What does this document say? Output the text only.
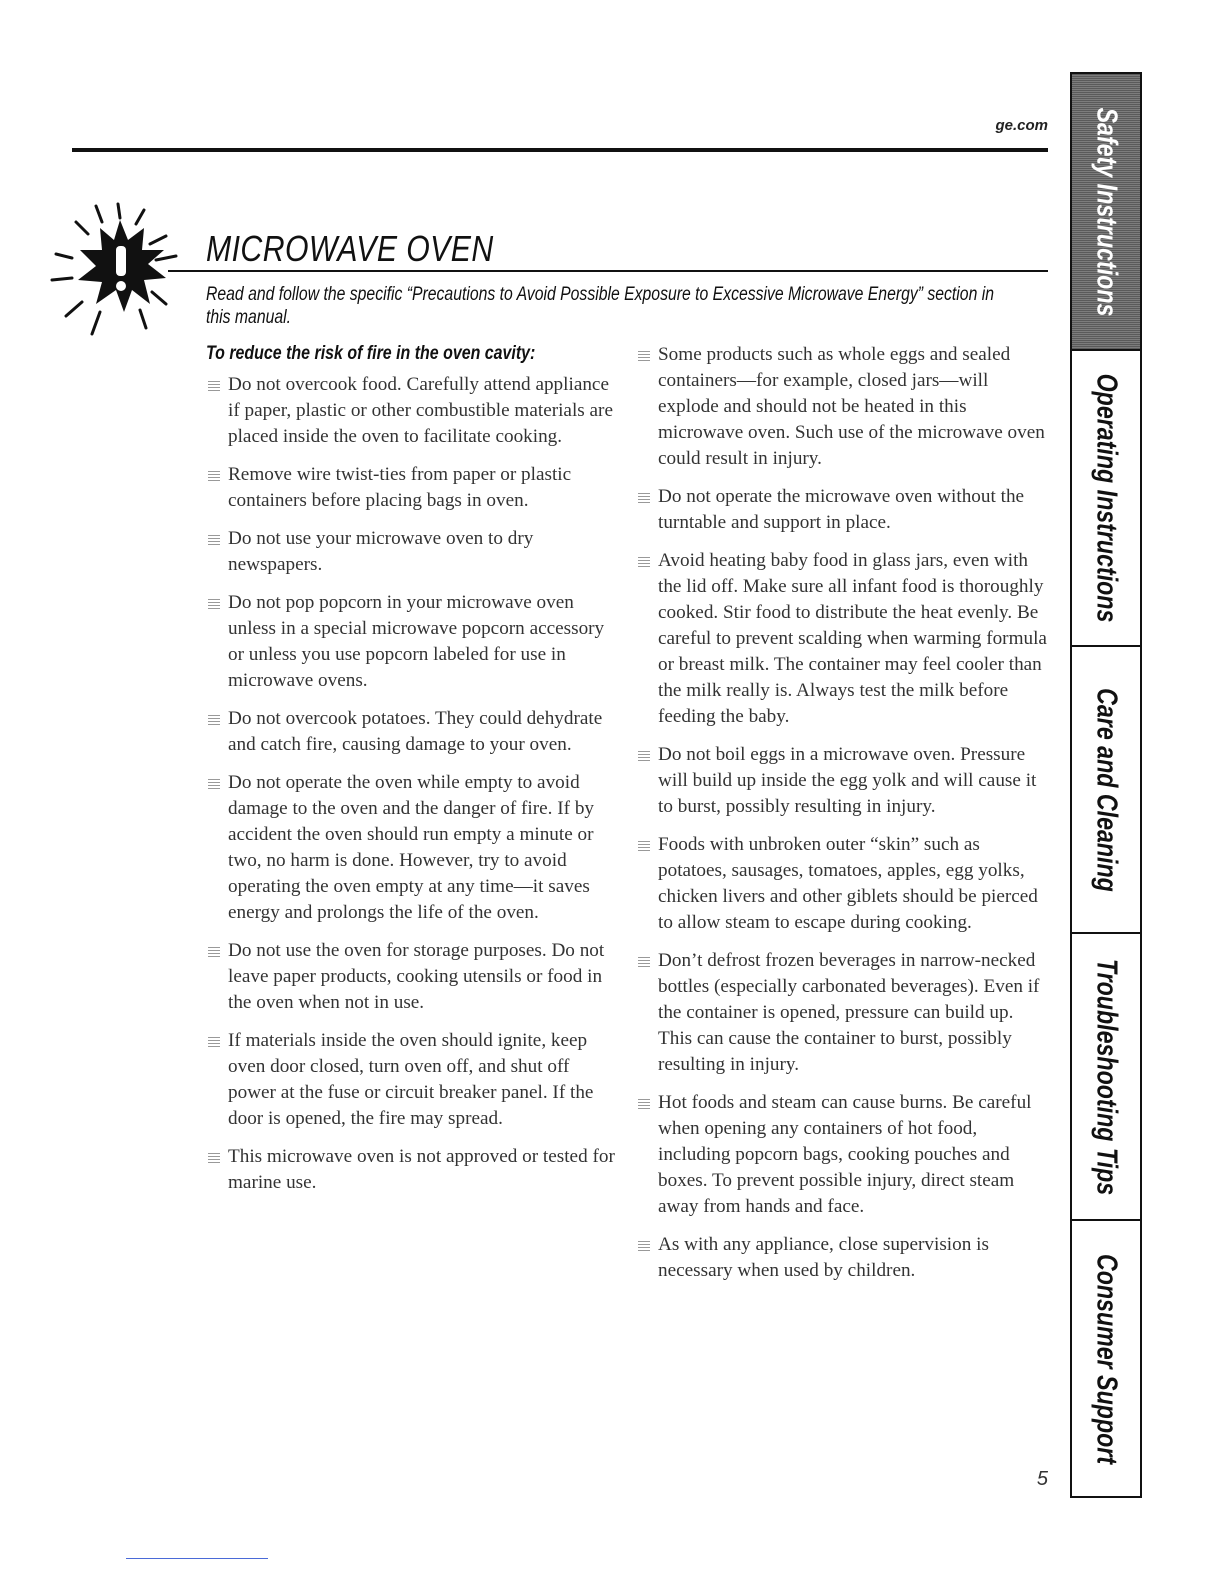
ge.com
MICROWAVE OVEN

Read and follow the specific “Precautions to Avoid Possible Exposure to Excessive Microwave Energy” section in this manual.

To reduce the risk of fire in the oven cavity:
Do not overcook food. Carefully attend appliance if paper, plastic or other combustible materials are placed inside the oven to facilitate cooking.
Remove wire twist-ties from paper or plastic containers before placing bags in oven.
Do not use your microwave oven to dry newspapers.
Do not pop popcorn in your microwave oven unless in a special microwave popcorn accessory or unless you use popcorn labeled for use in microwave ovens.
Do not overcook potatoes. They could dehydrate and catch fire, causing damage to your oven.
Do not operate the oven while empty to avoid damage to the oven and the danger of fire. If by accident the oven should run empty a minute or two, no harm is done. However, try to avoid operating the oven empty at any time—it saves energy and prolongs the life of the oven.
Do not use the oven for storage purposes. Do not leave paper products, cooking utensils or food in the oven when not in use.
If materials inside the oven should ignite, keep oven door closed, turn oven off, and shut off power at the fuse or circuit breaker panel. If the door is opened, the fire may spread.
This microwave oven is not approved or tested for marine use.
Some products such as whole eggs and sealed containers—for example, closed jars—will explode and should not be heated in this microwave oven. Such use of the microwave oven could result in injury.
Do not operate the microwave oven without the turntable and support in place.
Avoid heating baby food in glass jars, even with the lid off. Make sure all infant food is thoroughly cooked. Stir food to distribute the heat evenly. Be careful to prevent scalding when warming formula or breast milk. The container may feel cooler than the milk really is. Always test the milk before feeding the baby.
Do not boil eggs in a microwave oven. Pressure will build up inside the egg yolk and will cause it to burst, possibly resulting in injury.
Foods with unbroken outer “skin” such as potatoes, sausages, tomatoes, apples, egg yolks, chicken livers and other giblets should be pierced to allow steam to escape during cooking.
Don’t defrost frozen beverages in narrow-necked bottles (especially carbonated beverages). Even if the container is opened, pressure can build up. This can cause the container to burst, possibly resulting in injury.
Hot foods and steam can cause burns. Be careful when opening any containers of hot food, including popcorn bags, cooking pouches and boxes. To prevent possible injury, direct steam away from hands and face.
As with any appliance, close supervision is necessary when used by children.
5
Safety Instructions
Operating Instructions
Care and Cleaning
Troubleshooting Tips
Consumer Support
